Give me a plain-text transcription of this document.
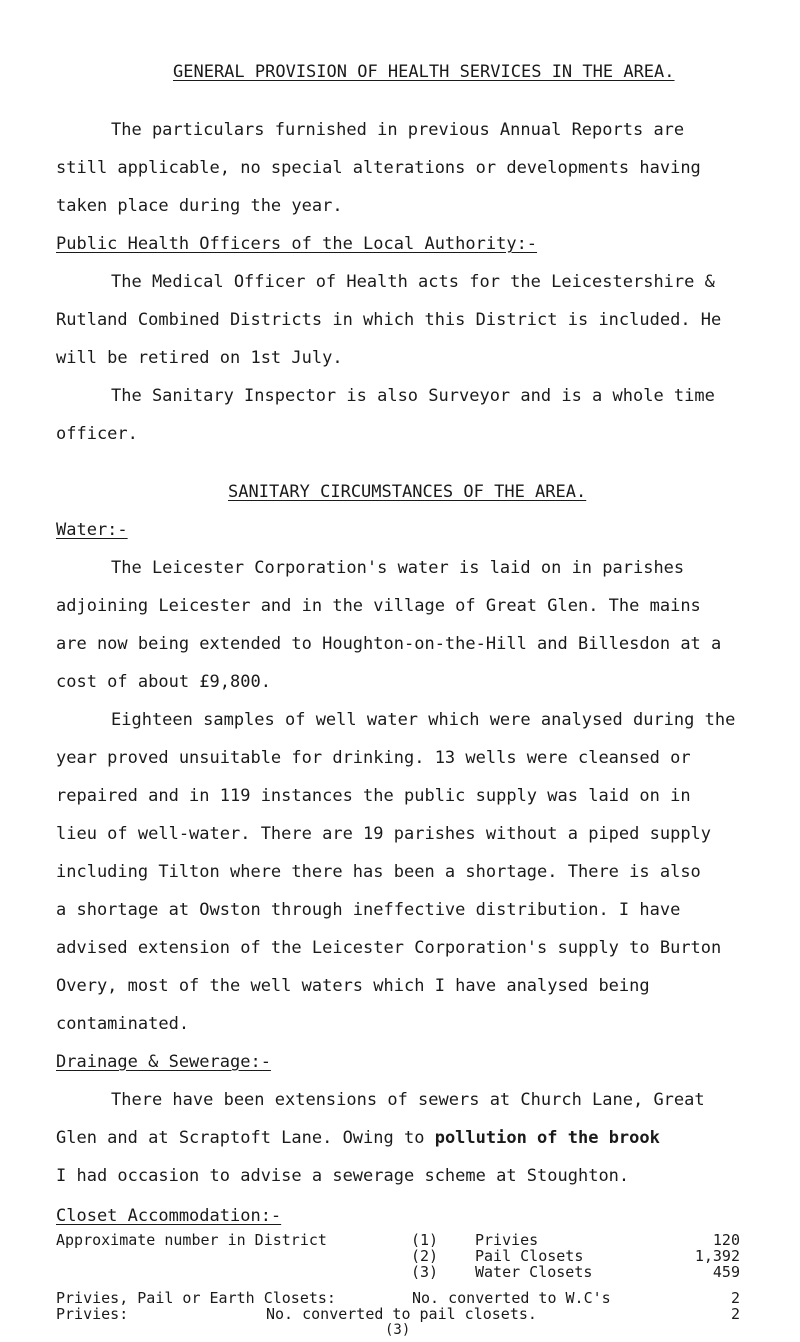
GENERAL PROVISION OF HEALTH SERVICES IN THE AREA.
The particulars furnished in previous Annual Reports are
still applicable, no special alterations or developments having
taken place during the year.
Public Health Officers of the Local Authority:-
The Medical Officer of Health acts for the Leicestershire &
Rutland Combined Districts in which this District is included. He
will be retired on 1st July.
The Sanitary Inspector is also Surveyor and is a whole time
officer.
SANITARY CIRCUMSTANCES OF THE AREA.
Water:-
The Leicester Corporation's water is laid on in parishes
adjoining Leicester and in the village of Great Glen. The mains
are now being extended to Houghton-on-the-Hill and Billesdon at a
cost of about £9,800.
Eighteen samples of well water which were analysed during the
year proved unsuitable for drinking. 13 wells were cleansed or
repaired and in 119 instances the public supply was laid on in
lieu of well-water. There are 19 parishes without a piped supply
including Tilton where there has been a shortage. There is also
a shortage at Owston through ineffective distribution. I have
advised extension of the Leicester Corporation's supply to Burton
Overy, most of the well waters which I have analysed being
contaminated.
Drainage & Sewerage:-
There have been extensions of sewers at Church Lane, Great
Glen and at Scraptoft Lane. Owing to pollution of the brook
I had occasion to advise a sewerage scheme at Stoughton.
Closet Accommodation:-
Approximate number in District	(1) Privies	120
(2) Pail Closets	1,392
(3) Water Closets	459
Privies, Pail or Earth Closets:	No. converted to W.C's	2
Privies:	No. converted to pail closets.	2
(3)
